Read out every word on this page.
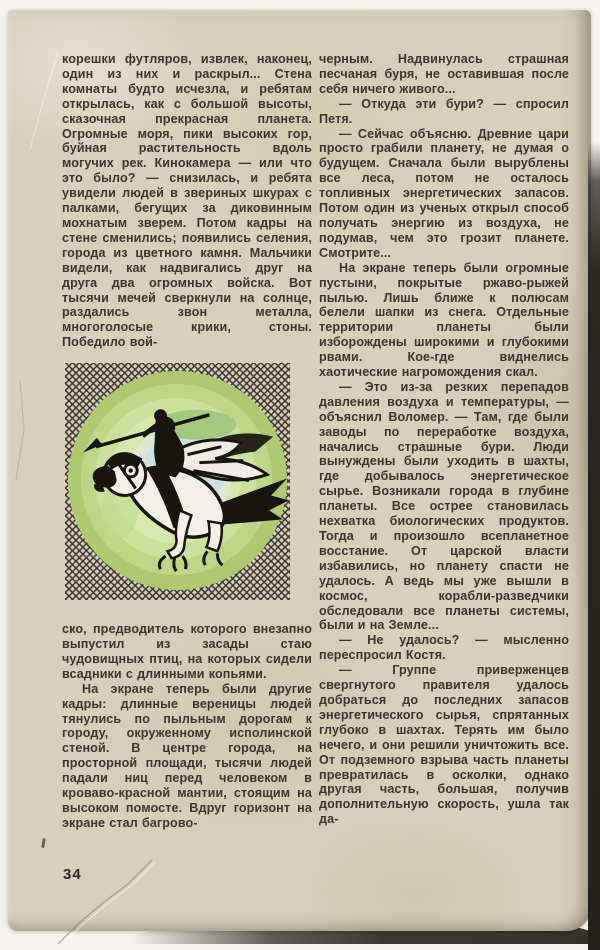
корешки футляров, извлек, наконец, один из них и раскрыл... Стена комнаты будто исчезла, и ребятам открылась, как с большой высоты, сказочная прекрасная планета. Огромные моря, пики высоких гор, буйная растительность вдоль могучих рек. Кинокамера — или что это было? — снизилась, и ребята увидели людей в звериных шкурах с палками, бегущих за диковинным мохнатым зверем. Потом кадры на стене сменились; появились селения, города из цветного камня. Мальчики видели, как надвигались друг на друга два огромных войска. Вот тысячи мечей сверкнули на солнце, раздались звон металла, многоголосые крики, стоны. Победило вой-

ско, предводитель которого внезапно выпустил из засады стаю чудовищных птиц, на которых сидели всадники с длинными копьями.

На экране теперь были другие кадры: длинные вереницы людей тянулись по пыльным дорогам к городу, окруженному исполинской стеной. В центре города, на просторной площади, тысячи людей падали ниц перед человеком в кроваво-красной мантии, стоящим на высоком помосте. Вдруг горизонт на экране стал багрово-

черным. Надвинулась страшная песчаная буря, не оставившая после себя ничего живого...

— Откуда эти бури? — спросил Петя.

— Сейчас объясню. Древние цари просто грабили планету, не думая о будущем. Сначала были вырублены все леса, потом не осталось топливных энергетических запасов. Потом один из ученых открыл способ получать энергию из воздуха, не подумав, чем это грозит планете. Смотрите...

На экране теперь были огромные пустыни, покрытые ржаво-рыжей пылью. Лишь ближе к полюсам белели шапки из снега. Отдельные территории планеты были изборождены широкими и глубокими рвами. Кое-где виднелись хаотические нагромождения скал.

— Это из-за резких перепадов давления воздуха и температуры, — объяснил Воломер. — Там, где были заводы по переработке воздуха, начались страшные бури. Люди вынуждены были уходить в шахты, где добывалось энергетическое сырье. Возникали города в глубине планеты. Все острее становилась нехватка биологических продуктов. Тогда и произошло всепланетное восстание. От царской власти избавились, но планету спасти не удалось. А ведь мы уже вышли в космос, корабли-разведчики обследовали все планеты системы, были и на Земле...

— Не удалось? — мысленно переспросил Костя.

— Группе приверженцев свергнутого правителя удалось добраться до последних запасов энергетического сырья, спрятанных глубоко в шахтах. Терять им было нечего, и они решили уничтожить все. От подземного взрыва часть планеты превратилась в осколки, однако другая часть, большая, получив дополнительную скорость, ушла так да-

34
